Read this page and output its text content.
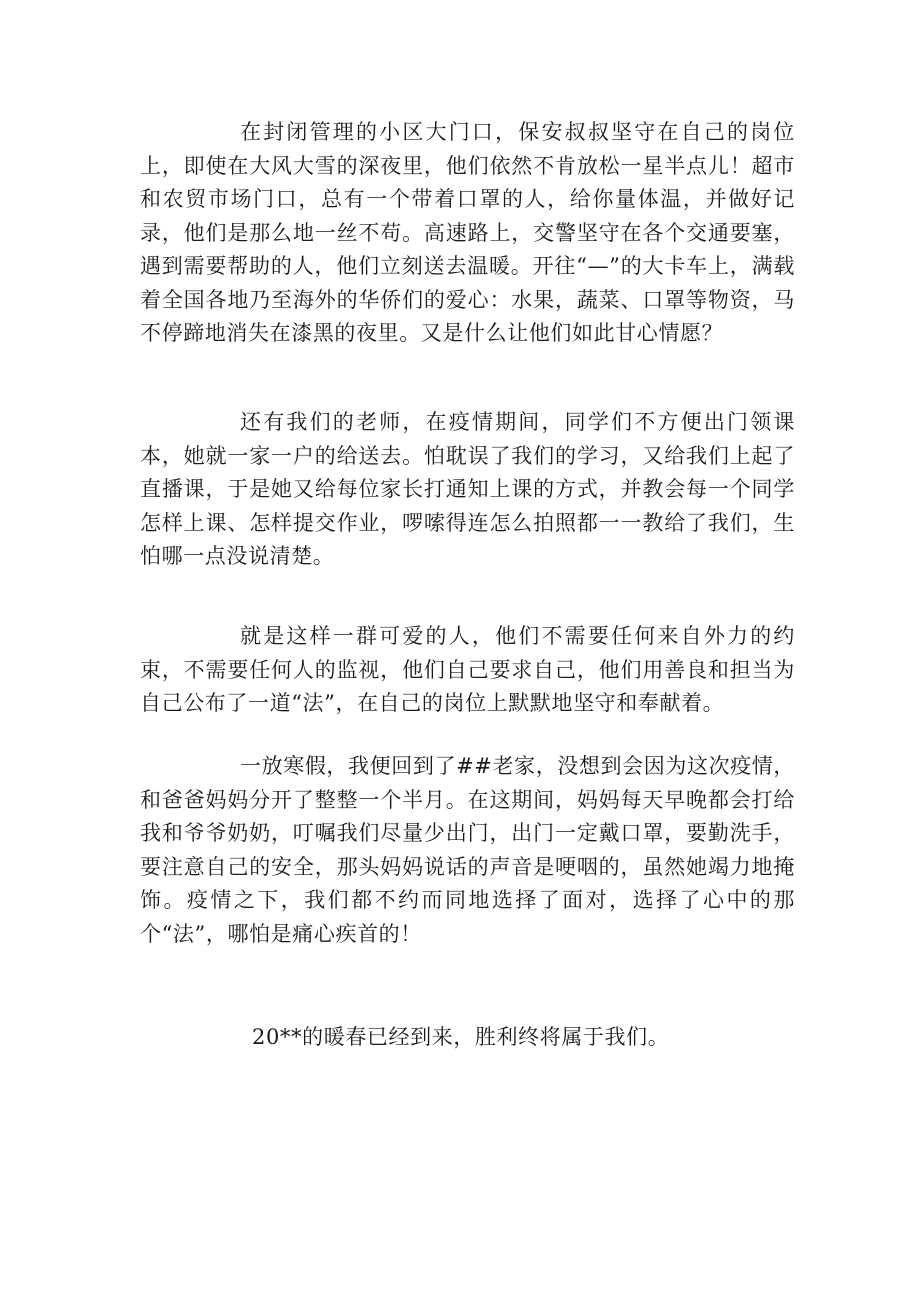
在封闭管理的小区大门口，保安叔叔坚守在自己的岗位上，即使在大风大雪的深夜里，他们依然不肯放松一星半点儿！超市和农贸市场门口，总有一个带着口罩的人，给你量体温，并做好记录，他们是那么地一丝不苟。高速路上，交警坚守在各个交通要塞，遇到需要帮助的人，他们立刻送去温暖。开往“—”的大卡车上，满载着全国各地乃至海外的华侨们的爱心：水果，蔬菜、口罩等物资，马不停蹄地消失在漆黑的夜里。又是什么让他们如此甘心情愿？

还有我们的老师，在疫情期间，同学们不方便出门领课本，她就一家一户的给送去。怕耽误了我们的学习，又给我们上起了直播课，于是她又给每位家长打通知上课的方式，并教会每一个同学怎样上课、怎样提交作业，啰嗦得连怎么拍照都一一教给了我们，生怕哪一点没说清楚。

就是这样一群可爱的人，他们不需要任何来自外力的约束，不需要任何人的监视，他们自己要求自己，他们用善良和担当为自己公布了一道“法”，在自己的岗位上默默地坚守和奉献着。

一放寒假，我便回到了##老家，没想到会因为这次疫情，和爸爸妈妈分开了整整一个半月。在这期间，妈妈每天早晚都会打给我和爷爷奶奶，叮嘱我们尽量少出门，出门一定戴口罩，要勤洗手，要注意自己的安全，那头妈妈说话的声音是哽咽的，虽然她竭力地掩饰。疫情之下，我们都不约而同地选择了面对，选择了心中的那个“法”，哪怕是痛心疾首的！

20**的暖春已经到来，胜利终将属于我们。
